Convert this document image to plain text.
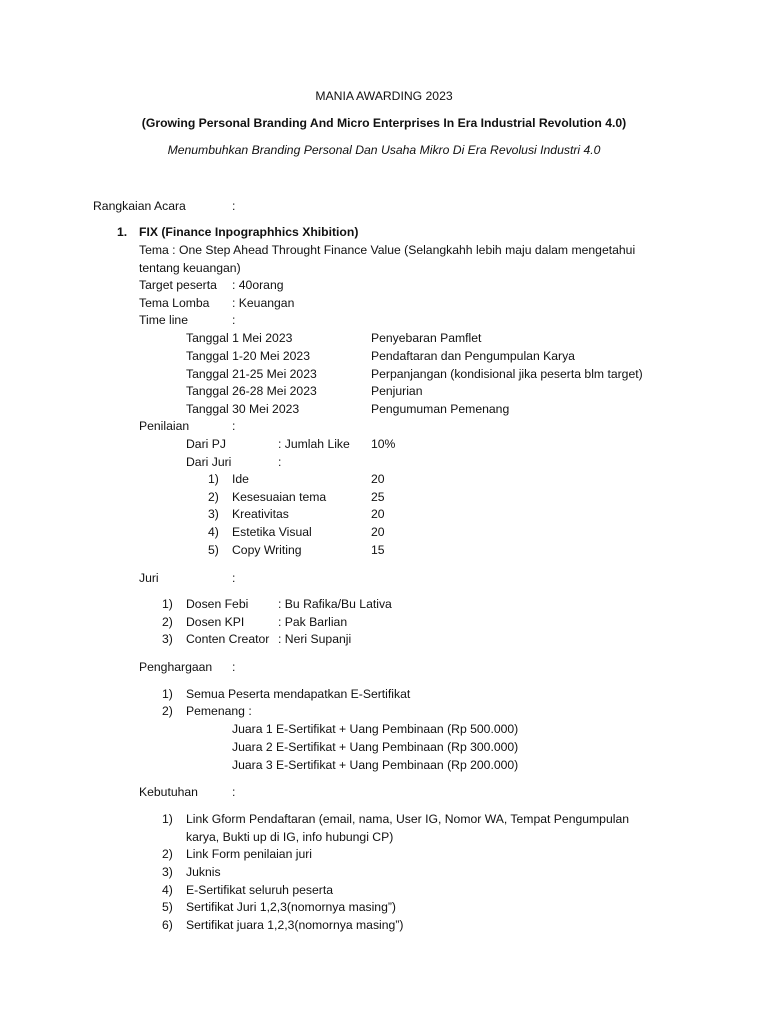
MANIA AWARDING 2023
(Growing Personal Branding And Micro Enterprises In Era Industrial Revolution 4.0)
Menumbuhkan Branding Personal Dan Usaha Mikro Di Era Revolusi Industri 4.0
Rangkaian Acara	:
1. FIX (Finance Inpographhics Xhibition)
Tema : One Step Ahead Throught Finance Value (Selangkahh lebih maju dalam mengetahui
tentang keuangan)
Target peserta : 40orang
Tema Lomba : Keuangan
Time line	:
Tanggal 1 Mei 2023	Penyebaran Pamflet
Tanggal 1-20 Mei 2023	Pendaftaran dan Pengumpulan Karya
Tanggal 21-25 Mei 2023	Perpanjangan (kondisional jika peserta blm target)
Tanggal 26-28 Mei 2023	Penjurian
Tanggal 30 Mei 2023	Pengumuman Pemenang
Penilaian	:
Dari PJ	: Jumlah Like 10%
Dari Juri	:
1) Ide	20
2) Kesesuaian tema	25
3) Kreativitas	20
4) Estetika Visual	20
5) Copy Writing	15
Juri	:
1) Dosen Febi : Bu Rafika/Bu Lativa
2) Dosen KPI	: Pak Barlian
3) Conten Creator : Neri Supanji
Penghargaan :
1) Semua Peserta mendapatkan E-Sertifikat
2) Pemenang :
Juara 1 E-Sertifikat + Uang Pembinaan (Rp 500.000)
Juara 2 E-Sertifikat + Uang Pembinaan (Rp 300.000)
Juara 3 E-Sertifikat + Uang Pembinaan (Rp 200.000)
Kebutuhan	:
1) Link Gform Pendaftaran (email, nama, User IG, Nomor WA, Tempat Pengumpulan
karya, Bukti up di IG, info hubungi CP)
2) Link Form penilaian juri
3) Juknis
4) E-Sertifikat seluruh peserta
5) Sertifikat Juri 1,2,3(nomornya masing”)
6) Sertifikat juara 1,2,3(nomornya masing”)
